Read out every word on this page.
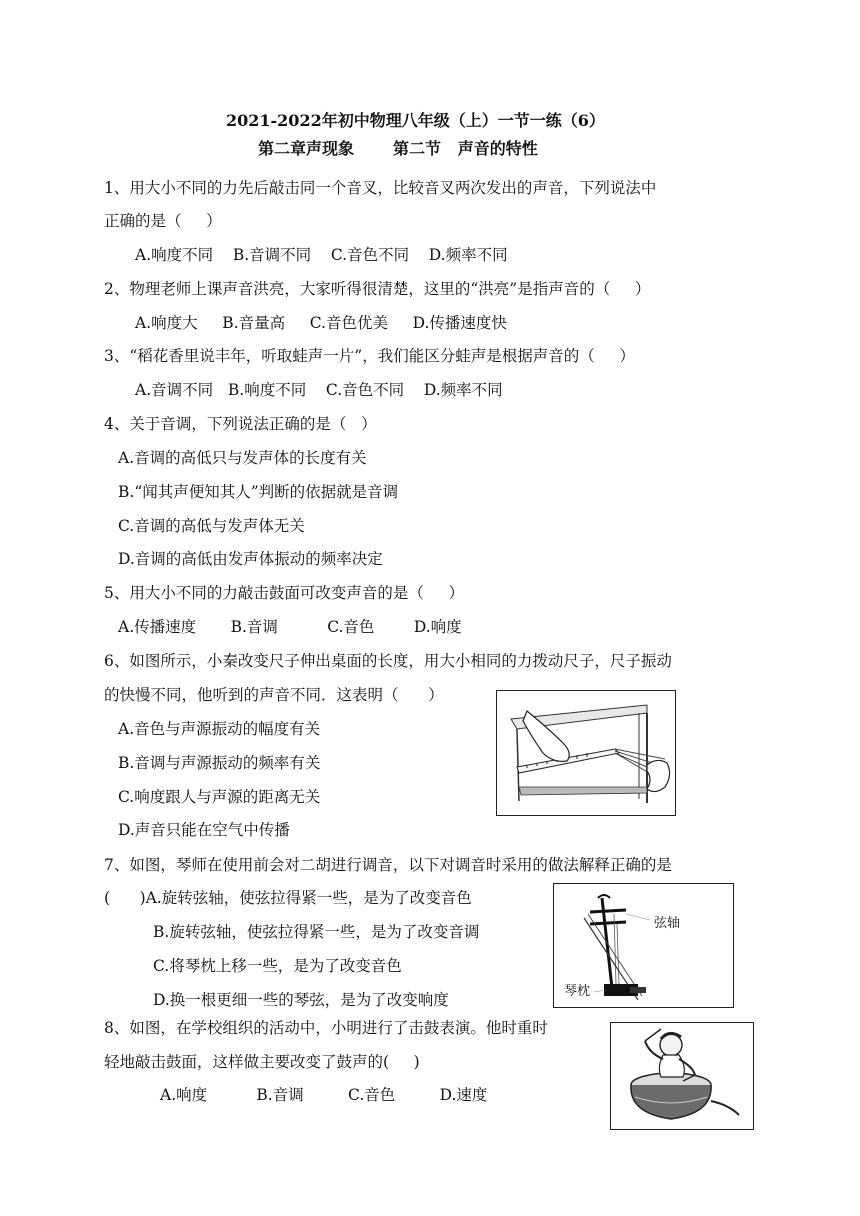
2021-2022年初中物理八年级（上）一节一练（6）
第二章声现象       第二节   声音的特性
1、用大小不同的力先后敲击同一个音叉，比较音叉两次发出的声音，下列说法中
正确的是（     ）
A.响度不同    B.音调不同    C.音色不同    D.频率不同
2、物理老师上课声音洪亮，大家听得很清楚，这里的“洪亮”是指声音的（     ）
A.响度大     B.音量高     C.音色优美     D.传播速度快
3、“稻花香里说丰年，听取蛙声一片”，我们能区分蛙声是根据声音的（     ）
A.音调不同   B.响度不同    C.音色不同    D.频率不同
4、关于音调，下列说法正确的是（   ）
A.音调的高低只与发声体的长度有关
B.“闻其声便知其人”判断的依据就是音调
C.音调的高低与发声体无关
D.音调的高低由发声体振动的频率决定
5、用大小不同的力敲击鼓面可改变声音的是（     ）
A.传播速度       B.音调          C.音色        D.响度
6、如图所示，小秦改变尺子伸出桌面的长度，用大小相同的力拨动尺子，尺子振动
的快慢不同，他听到的声音不同．这表明（      ）
A.音色与声源振动的幅度有关
B.音调与声源振动的频率有关
C.响度跟人与声源的距离无关
D.声音只能在空气中传播
7、如图，琴师在使用前会对二胡进行调音，以下对调音时采用的做法解释正确的是
(      )A.旋转弦轴，使弦拉得紧一些，是为了改变音色
B.旋转弦轴，使弦拉得紧一些，是为了改变音调
C.将琴枕上移一些，是为了改变音色
D.换一根更细一些的琴弦，是为了改变响度
弦轴
琴枕
8、如图，在学校组织的活动中，小明进行了击鼓表演。他时重时
轻地敲击鼓面，这样做主要改变了鼓声的(     )
A.响度          B.音调         C.音色         D.速度
